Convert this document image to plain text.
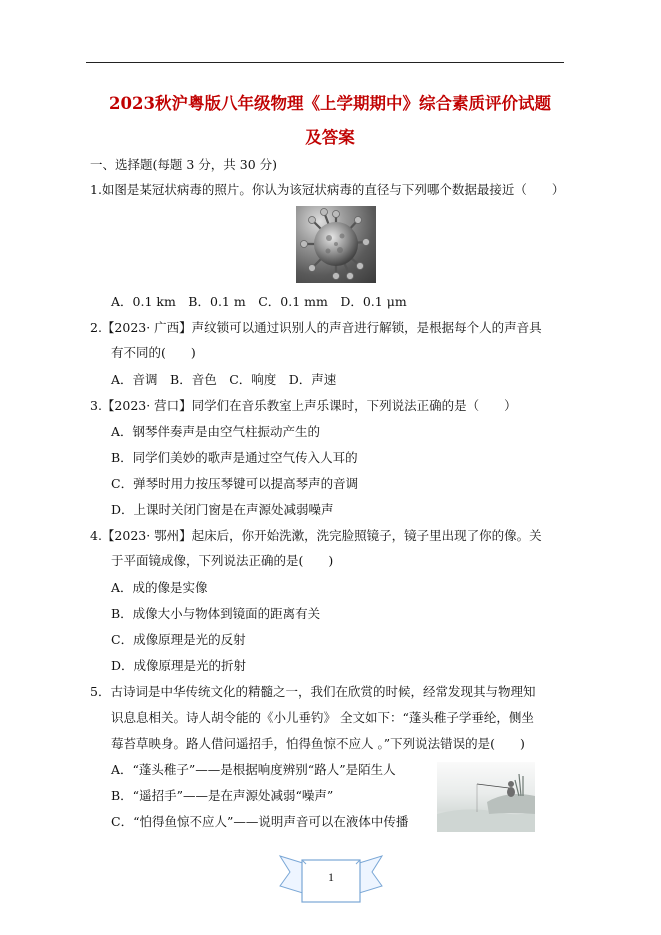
2023秋沪粤版八年级物理《上学期期中》综合素质评价试题
及答案
一、选择题(每题 3 分，共 30 分)
1.如图是某冠状病毒的照片。你认为该冠状病毒的直径与下列哪个数据最接近（　　）
A．0.1 km　B．0.1 m　C．0.1 mm　D．0.1 μm
2.【2023· 广西】声纹锁可以通过识别人的声音进行解锁，是根据每个人的声音具
有不同的(　　)
A．音调　B．音色　C．响度　D．声速
3.【2023· 营口】同学们在音乐教室上声乐课时，下列说法正确的是（　　）
A．钢琴伴奏声是由空气柱振动产生的
B．同学们美妙的歌声是通过空气传入人耳的
C．弹琴时用力按压琴键可以提高琴声的音调
D．上课时关闭门窗是在声源处减弱噪声
4.【2023· 鄂州】起床后，你开始洗漱，洗完脸照镜子，镜子里出现了你的像。关
于平面镜成像，下列说法正确的是(　　)
A．成的像是实像
B．成像大小与物体到镜面的距离有关
C．成像原理是光的反射
D．成像原理是光的折射
5．古诗词是中华传统文化的精髓之一，我们在欣赏的时候，经常发现其与物理知
识息息相关。诗人胡令能的《小儿垂钓》 全文如下：“蓬头稚子学垂纶，侧坐
莓苔草映身。路人借问遥招手，怕得鱼惊不应人 。”下列说法错误的是(　　)
A．“蓬头稚子”——是根据响度辨别“路人”是陌生人
B．“遥招手”——是在声源处减弱“噪声”
C．“怕得鱼惊不应人”——说明声音可以在液体中传播
1
